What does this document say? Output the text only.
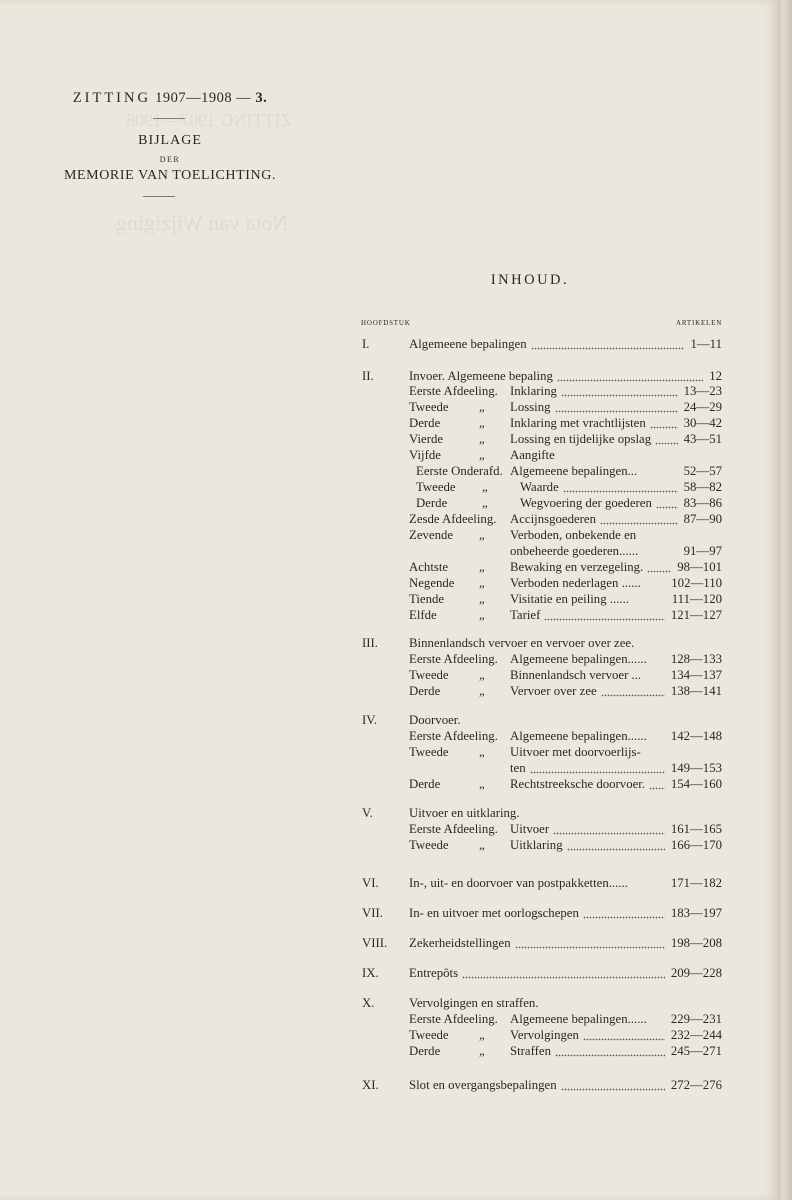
ZITTING 1907—1908 — 3.
BIJLAGE
DER
MEMORIE VAN TOELICHTING.
ZITTING 1907—1908
Nota van Wijziging
INHOUD.
HOOFDSTUK	ARTIKELEN
I.	Algemeene bepalingen	1—11
II.	Invoer. Algemeene bepaling	12
Eerste Afdeeling. Inklaring	13—23
Tweede „ Lossing	24—29
Derde	„ Inklaring met vrachtlijsten	30—42
Vierde	„ Lossing en tijdelijke opslag	43—51
Vijfde	„ Aangifte
Eerste Onderafd. Algemeene bepalingen...	52—57
Tweede „	Waarde	58—82
Derde	„	Wegvoering der goederen 83—86
Zesde Afdeeling. Accijnsgoederen	87—90
Zevende „ Verboden, onbekende en
onbeheerde goederen......	91—97
Achtste „ Bewaking en verzegeling.	98—101
Negende „ Verboden nederlagen ...... 102—110
Tiende	„ Visitatie en peiling ......	111—120
Elfde	„ Tarief	121—127
III.	Binnenlandsch vervoer en vervoer over zee.
Eerste Afdeeling. Algemeene bepalingen...... 128—133
Tweede „ Binnenlandsch vervoer ... 134—137
Derde	„ Vervoer over zee	138—141
IV.	Doorvoer.
Eerste Afdeeling. Algemeene bepalingen...... 142—148
Tweede „ Uitvoer met doorvoerlijs-
ten	149—153
Derde	„ Rechtstreeksche doorvoer. 154—160
V.	Uitvoer en uitklaring.
Eerste Afdeeling. Uitvoer	161—165
Tweede „ Uitklaring	166—170
VI.	In-, uit- en doorvoer van postpakketten......	171—182
VII.	In- en uitvoer met oorlogschepen	183—197
VIII.	Zekerheidstellingen	198—208
IX.	Entrepôts	209—228
X.	Vervolgingen en straffen.
Eerste Afdeeling. Algemeene bepalingen...... 229—231
Tweede „ Vervolgingen	232—244
Derde	„ Straffen	245—271
XI.	Slot en overgangsbepalingen	272—276
